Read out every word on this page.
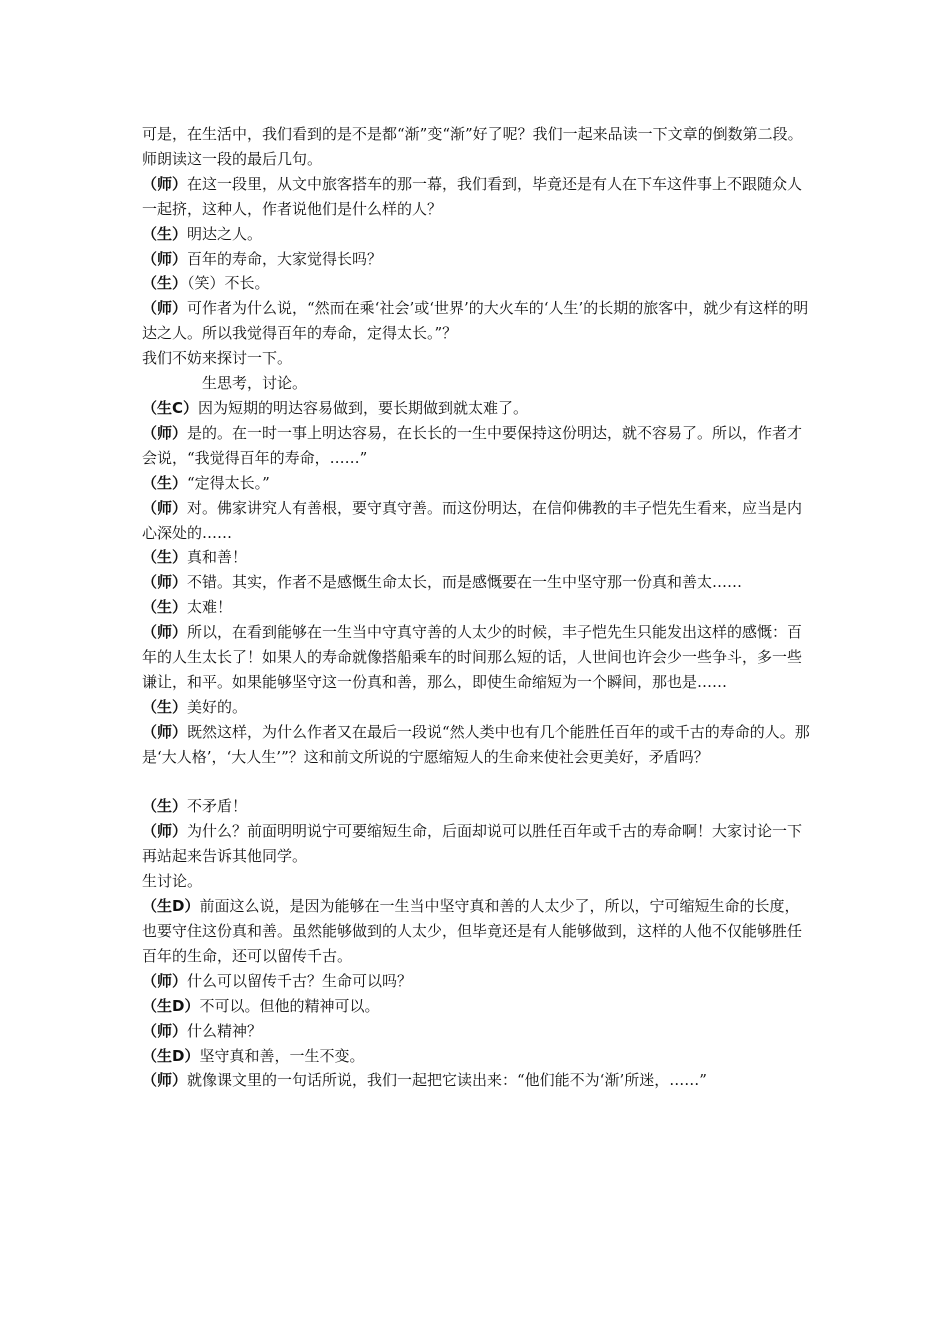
可是，在生活中，我们看到的是不是都“渐”变“渐”好了呢？我们一起来品读一下文章的倒数第二段。

师朗读这一段的最后几句。

（师）在这一段里，从文中旅客搭车的那一幕，我们看到，毕竟还是有人在下车这件事上不跟随众人一起挤，这种人，作者说他们是什么样的人？

（生）明达之人。

（师）百年的寿命，大家觉得长吗？

（生）（笑）不长。

（师）可作者为什么说，“然而在乘‘社会’或‘世界’的大火车的‘人生’的长期的旅客中，就少有这样的明达之人。所以我觉得百年的寿命，定得太长。”？

我们不妨来探讨一下。

生思考，讨论。

（生C）因为短期的明达容易做到，要长期做到就太难了。

（师）是的。在一时一事上明达容易，在长长的一生中要保持这份明达，就不容易了。所以，作者才会说，“我觉得百年的寿命，……”

（生）“定得太长。”

（师）对。佛家讲究人有善根，要守真守善。而这份明达，在信仰佛教的丰子恺先生看来，应当是内心深处的……

（生）真和善！

（师）不错。其实，作者不是感慨生命太长，而是感慨要在一生中坚守那一份真和善太……

（生）太难！

（师）所以，在看到能够在一生当中守真守善的人太少的时候，丰子恺先生只能发出这样的感慨：百年的人生太长了！如果人的寿命就像搭船乘车的时间那么短的话，人世间也许会少一些争斗，多一些谦让，和平。如果能够坚守这一份真和善，那么，即使生命缩短为一个瞬间，那也是……

（生）美好的。

（师）既然这样，为什么作者又在最后一段说“然人类中也有几个能胜任百年的或千古的寿命的人。那是‘大人格’，‘大人生’”？这和前文所说的宁愿缩短人的生命来使社会更美好，矛盾吗？

（生）不矛盾！

（师）为什么？前面明明说宁可要缩短生命，后面却说可以胜任百年或千古的寿命啊！大家讨论一下再站起来告诉其他同学。

生讨论。

（生D）前面这么说，是因为能够在一生当中坚守真和善的人太少了，所以，宁可缩短生命的长度，也要守住这份真和善。虽然能够做到的人太少，但毕竟还是有人能够做到，这样的人他不仅能够胜任百年的生命，还可以留传千古。

（师）什么可以留传千古？生命可以吗？

（生D）不可以。但他的精神可以。

（师）什么精神？

（生D）坚守真和善，一生不变。

（师）就像课文里的一句话所说，我们一起把它读出来：“他们能不为‘渐’所迷，……”
